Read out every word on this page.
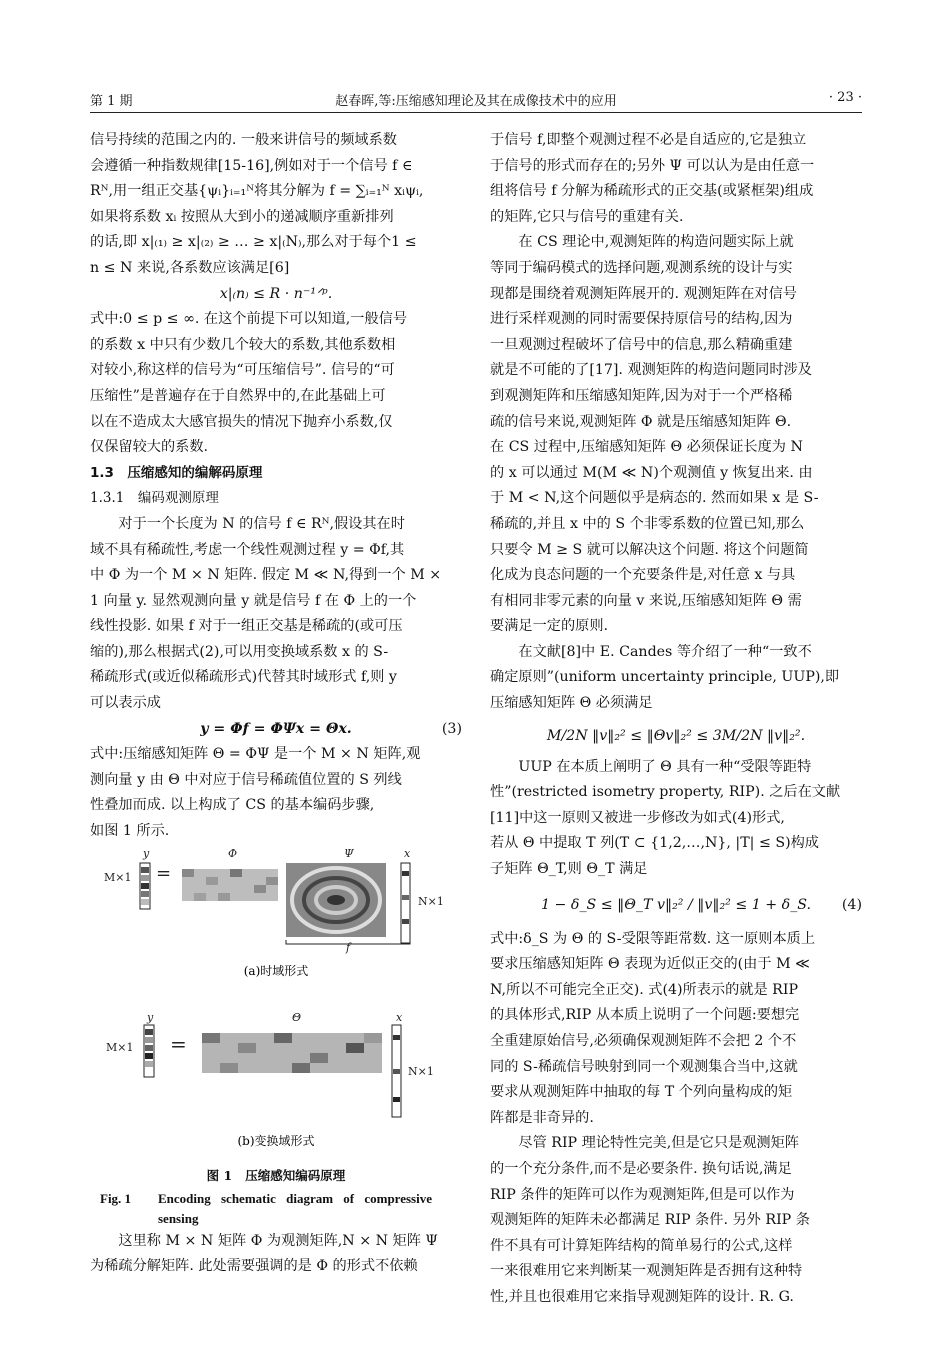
第 1 期	赵春晖,等:压缩感知理论及其在成像技术中的应用	· 23 ·

信号持续的范围之内的. 一般来讲信号的频域系数

会遵循一种指数规律[15-16],例如对于一个信号 f ∈

Rᴺ,用一组正交基{ψᵢ}ᵢ₌₁ᴺ将其分解为 f = ∑ᵢ₌₁ᴺ xᵢψᵢ,

如果将系数 xᵢ 按照从大到小的递减顺序重新排列

的话,即 x|₍₁₎ ≥ x|₍₂₎ ≥ … ≥ x|₍N₎,那么对于每个1 ≤

n ≤ N 来说,各系数应该满足[6]

x|₍n₎ ≤ R · n⁻¹ᐟᵖ.

式中:0 ≤ p ≤ ∞. 在这个前提下可以知道,一般信号

的系数 x 中只有少数几个较大的系数,其他系数相

对较小,称这样的信号为“可压缩信号”. 信号的“可

压缩性”是普遍存在于自然界中的,在此基础上可

以在不造成太大感官损失的情况下抛弃小系数,仅

仅保留较大的系数.

1.3　压缩感知的编解码原理

1.3.1　编码观测原理

对于一个长度为 N 的信号 f ∈ Rᴺ,假设其在时

域不具有稀疏性,考虑一个线性观测过程 y = Φf,其

中 Φ 为一个 M × N 矩阵. 假定 M ≪ N,得到一个 M ×

1 向量 y. 显然观测向量 y 就是信号 f 在 Φ 上的一个

线性投影. 如果 f 对于一组正交基是稀疏的(或可压

缩的),那么根据式(2),可以用变换域系数 x 的 S-

稀疏形式(或近似稀疏形式)代替其时域形式 f,则 y

可以表示成

y = Φf = ΦΨx = Θx.	(3)

式中:压缩感知矩阵 Θ = ΦΨ 是一个 M × N 矩阵,观

测向量 y 由 Θ 中对应于信号稀疏值位置的 S 列线

性叠加而成. 以上构成了 CS 的基本编码步骤,

如图 1 所示.

y	Φ	Ψ	x
f
M×1
N×1
=
y	Θ	x
M×1
N×1
=
(a)时域形式
(b)变换域形式
图 1 压缩感知编码原理
Fig. 1	Encoding schematic diagram of compressive sensing

这里称 M × N 矩阵 Φ 为观测矩阵,N × N 矩阵 Ψ

为稀疏分解矩阵. 此处需要强调的是 Φ 的形式不依赖

于信号 f,即整个观测过程不必是自适应的,它是独立

于信号的形式而存在的;另外 Ψ 可以认为是由任意一

组将信号 f 分解为稀疏形式的正交基(或紧框架)组成

的矩阵,它只与信号的重建有关.

在 CS 理论中,观测矩阵的构造问题实际上就

等同于编码模式的选择问题,观测系统的设计与实

现都是围绕着观测矩阵展开的. 观测矩阵在对信号

进行采样观测的同时需要保持原信号的结构,因为

一旦观测过程破坏了信号中的信息,那么精确重建

就是不可能的了[17]. 观测矩阵的构造问题同时涉及

到观测矩阵和压缩感知矩阵,因为对于一个严格稀

疏的信号来说,观测矩阵 Φ 就是压缩感知矩阵 Θ.

在 CS 过程中,压缩感知矩阵 Θ 必须保证长度为 N

的 x 可以通过 M(M ≪ N)个观测值 y 恢复出来. 由

于 M < N,这个问题似乎是病态的. 然而如果 x 是 S-

稀疏的,并且 x 中的 S 个非零系数的位置已知,那么

只要令 M ≥ S 就可以解决这个问题. 将这个问题简

化成为良态问题的一个充要条件是,对任意 x 与具

有相同非零元素的向量 v 来说,压缩感知矩阵 Θ 需

要满足一定的原则.

在文献[8]中 E. Candes 等介绍了一种“一致不

确定原则”(uniform uncertainty principle, UUP),即

压缩感知矩阵 Θ 必须满足

M/2N ‖v‖₂² ≤ ‖Θv‖₂² ≤ 3M/2N ‖v‖₂².

UUP 在本质上阐明了 Θ 具有一种“受限等距特

性”(restricted isometry property, RIP). 之后在文献

[11]中这一原则又被进一步修改为如式(4)形式,

若从 Θ 中提取 T 列(T ⊂ {1,2,…,N}, |T| ≤ S)构成

子矩阵 Θ_T,则 Θ_T 满足

1 − δ_S ≤ ‖Θ_T v‖₂² / ‖v‖₂² ≤ 1 + δ_S.	(4)

式中:δ_S 为 Θ 的 S-受限等距常数. 这一原则本质上

要求压缩感知矩阵 Θ 表现为近似正交的(由于 M ≪

N,所以不可能完全正交). 式(4)所表示的就是 RIP

的具体形式,RIP 从本质上说明了一个问题:要想完

全重建原始信号,必须确保观测矩阵不会把 2 个不

同的 S-稀疏信号映射到同一个观测集合当中,这就

要求从观测矩阵中抽取的每 T 个列向量构成的矩

阵都是非奇异的.

尽管 RIP 理论特性完美,但是它只是观测矩阵

的一个充分条件,而不是必要条件. 换句话说,满足

RIP 条件的矩阵可以作为观测矩阵,但是可以作为

观测矩阵的矩阵未必都满足 RIP 条件. 另外 RIP 条

件不具有可计算矩阵结构的简单易行的公式,这样

一来很难用它来判断某一观测矩阵是否拥有这种特

性,并且也很难用它来指导观测矩阵的设计. R. G.
